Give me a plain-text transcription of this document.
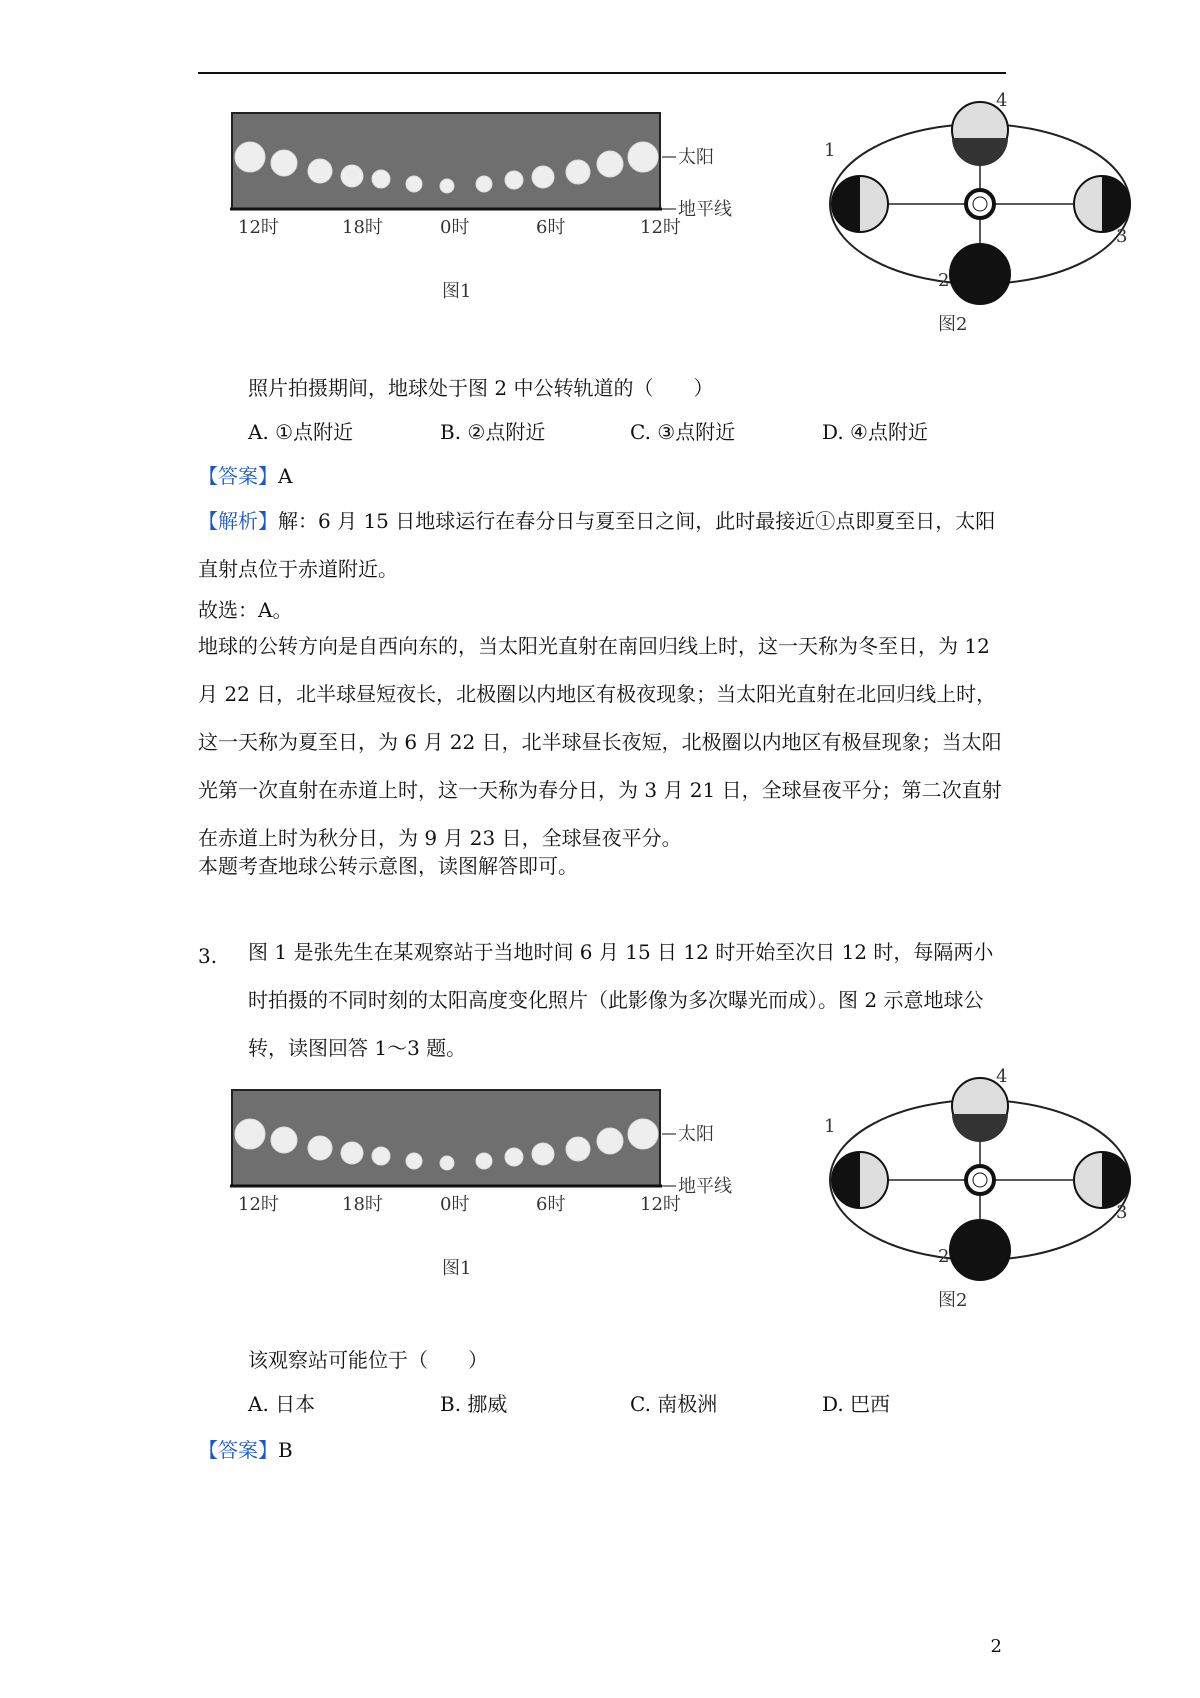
太阳
地平线
12时	18时	0时	6时	12时
图1
4
1
3
2
图2
照片拍摄期间，地球处于图 2 中公转轨道的（　　）
A. ①点附近	B. ②点附近	C. ③点附近	D. ④点附近
【答案】A
【解析】解：6 月 15 日地球运行在春分日与夏至日之间，此时最接近①点即夏至日，太阳直射点位于赤道附近。
故选：A。
地球的公转方向是自西向东的，当太阳光直射在南回归线上时，这一天称为冬至日，为 12 月 22 日，北半球昼短夜长，北极圈以内地区有极夜现象；当太阳光直射在北回归线上时，这一天称为夏至日，为 6 月 22 日，北半球昼长夜短，北极圈以内地区有极昼现象；当太阳光第一次直射在赤道上时，这一天称为春分日，为 3 月 21 日，全球昼夜平分；第二次直射在赤道上时为秋分日，为 9 月 23 日，全球昼夜平分。
本题考查地球公转示意图，读图解答即可。
3. 图 1 是张先生在某观察站于当地时间 6 月 15 日 12 时开始至次日 12 时，每隔两小时拍摄的不同时刻的太阳高度变化照片（此影像为多次曝光而成）。图 2 示意地球公转，读图回答 1～3 题。
太阳
地平线
12时	18时	0时	6时	12时
图1
4
1
3
2
图2
该观察站可能位于（　　）
A. 日本	B. 挪威	C. 南极洲	D. 巴西
【答案】B
2
